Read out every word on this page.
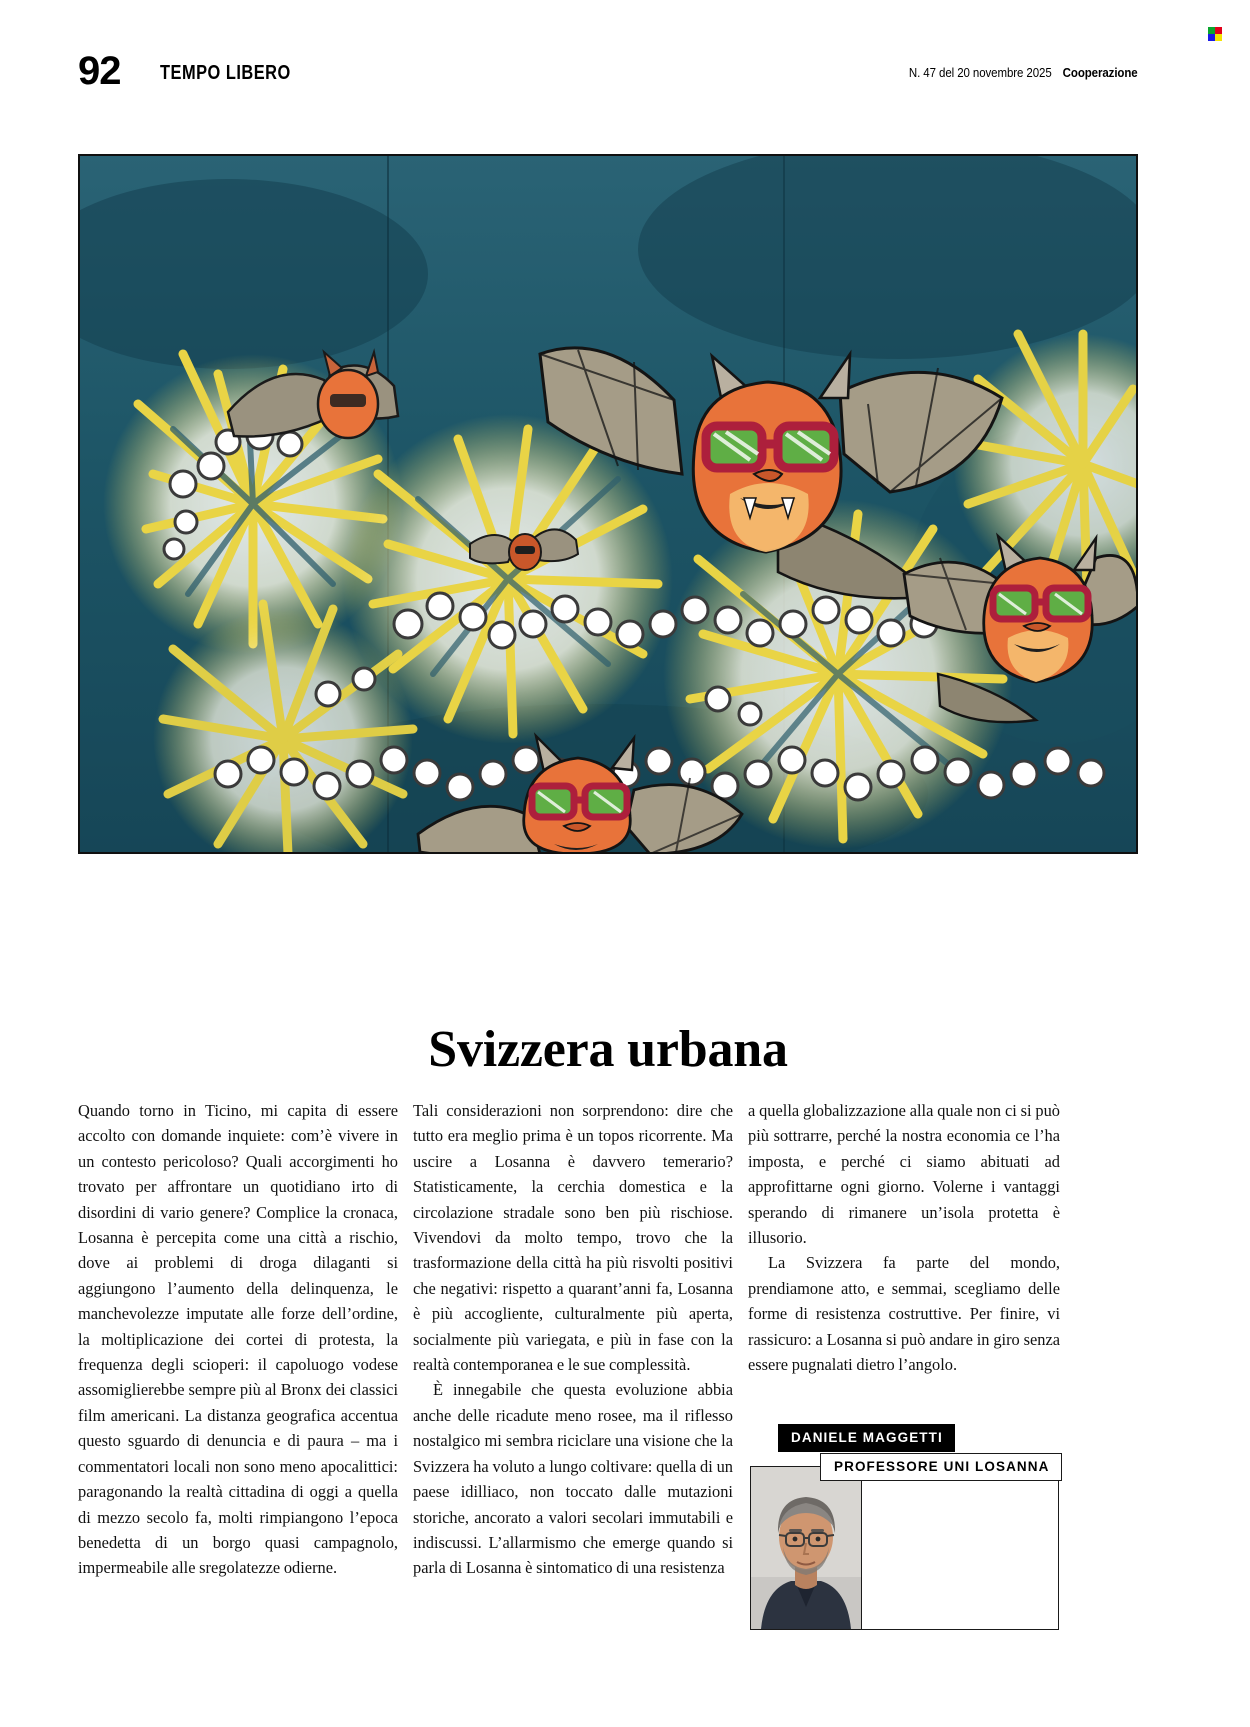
92 TEMPO LIBERO	N. 47 del 20 novembre 2025 Cooperazione
Svizzera urbana

Quando torno in Ticino, mi capita di essere accolto con domande inquiete: com’è vivere in un contesto pericoloso? Quali accorgimenti ho trovato per affrontare un quotidiano irto di disordini di vario genere? Complice la cronaca, Losanna è percepita come una città a rischio, dove ai problemi di droga dilaganti si aggiungono l’aumento della delinquenza, le manchevolezze imputate alle forze dell’ordine, la moltiplicazione dei cortei di protesta, la frequenza degli scioperi: il capoluogo vodese assomiglierebbe sempre più al Bronx dei classici film americani. La distanza geografica accentua questo sguardo di denuncia e di paura – ma i commentatori locali non sono meno apocalittici: paragonando la realtà cittadina di oggi a quella di mezzo secolo fa, molti rimpiangono l’epoca benedetta di un borgo quasi campagnolo, impermeabile alle sregolatezze odierne.

Tali considerazioni non sorprendono: dire che tutto era meglio prima è un topos ricorrente. Ma uscire a Losanna è davvero temerario? Statisticamente, la cerchia domestica e la circolazione stradale sono ben più rischiose. Vivendovi da molto tempo, trovo che la trasformazione della città ha più risvolti positivi che negativi: rispetto a quarant’anni fa, Losanna è più accogliente, culturalmente più aperta, socialmente più variegata, e più in fase con la realtà contemporanea e le sue complessità.

È innegabile che questa evoluzione abbia anche delle ricadute meno rosee, ma il riflesso nostalgico mi sembra riciclare una visione che la Svizzera ha voluto a lungo coltivare: quella di un paese idilliaco, non toccato dalle mutazioni storiche, ancorato a valori secolari immutabili e indiscussi. L’allarmismo che emerge quando si parla di Losanna è sintomatico di una resistenza

a quella globalizzazione alla quale non ci si può più sottrarre, perché la nostra economia ce l’ha imposta, e perché ci siamo abituati ad approfittarne ogni giorno. Volerne i vantaggi sperando di rimanere un’isola protetta è illusorio.

La Svizzera fa parte del mondo, prendiamone atto, e semmai, scegliamo delle forme di resistenza costruttive. Per finire, vi rassicuro: a Losanna si può andare in giro senza essere pugnalati dietro l’angolo.

DANIELE MAGGETTI
PROFESSORE UNI LOSANNA
